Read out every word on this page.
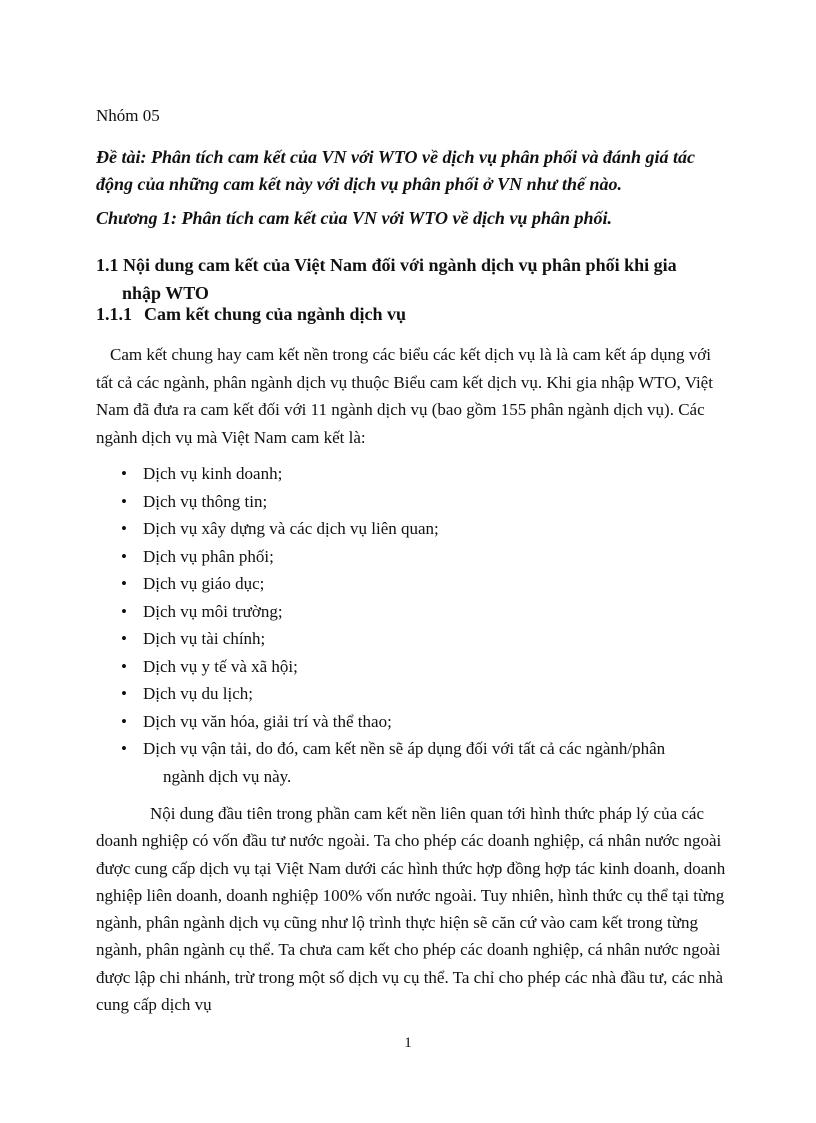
Nhóm 05

Đề tài: Phân tích cam kết của VN với WTO về dịch vụ phân phối và đánh giá tác động của những cam kết này với dịch vụ phân phối ở VN như thế nào.

Chương 1: Phân tích cam kết của VN với WTO về dịch vụ phân phối.

1.1 Nội dung cam kết của Việt Nam đối với ngành dịch vụ phân phối khi gia
nhập WTO

1.1.1 Cam kết chung của ngành dịch vụ

Cam kết chung hay cam kết nền trong các biểu các kết dịch vụ là là cam kết áp dụng với tất cả các ngành, phân ngành dịch vụ thuộc Biểu cam kết dịch vụ. Khi gia nhập WTO, Việt Nam đã đưa ra cam kết đối với 11 ngành dịch vụ (bao gồm 155 phân ngành dịch vụ). Các ngành dịch vụ mà Việt Nam cam kết là:

• Dịch vụ kinh doanh;
• Dịch vụ thông tin;
• Dịch vụ xây dựng và các dịch vụ liên quan;
• Dịch vụ phân phối;
• Dịch vụ giáo dục;
• Dịch vụ môi trường;
• Dịch vụ tài chính;
• Dịch vụ y tế và xã hội;
• Dịch vụ du lịch;
• Dịch vụ văn hóa, giải trí và thể thao;
• Dịch vụ vận tải, do đó, cam kết nền sẽ áp dụng đối với tất cả các ngành/phân
ngành dịch vụ này.

Nội dung đầu tiên trong phần cam kết nền liên quan tới hình thức pháp lý của các doanh nghiệp có vốn đầu tư nước ngoài. Ta cho phép các doanh nghiệp, cá nhân nước ngoài được cung cấp dịch vụ tại Việt Nam dưới các hình thức hợp đồng hợp tác kinh doanh, doanh nghiệp liên doanh, doanh nghiệp 100% vốn nước ngoài. Tuy nhiên, hình thức cụ thể tại từng ngành, phân ngành dịch vụ cũng như lộ trình thực hiện sẽ căn cứ vào cam kết trong từng ngành, phân ngành cụ thể. Ta chưa cam kết cho phép các doanh nghiệp, cá nhân nước ngoài được lập chi nhánh, trừ trong một số dịch vụ cụ thể. Ta chỉ cho phép các nhà đầu tư, các nhà cung cấp dịch vụ

1
